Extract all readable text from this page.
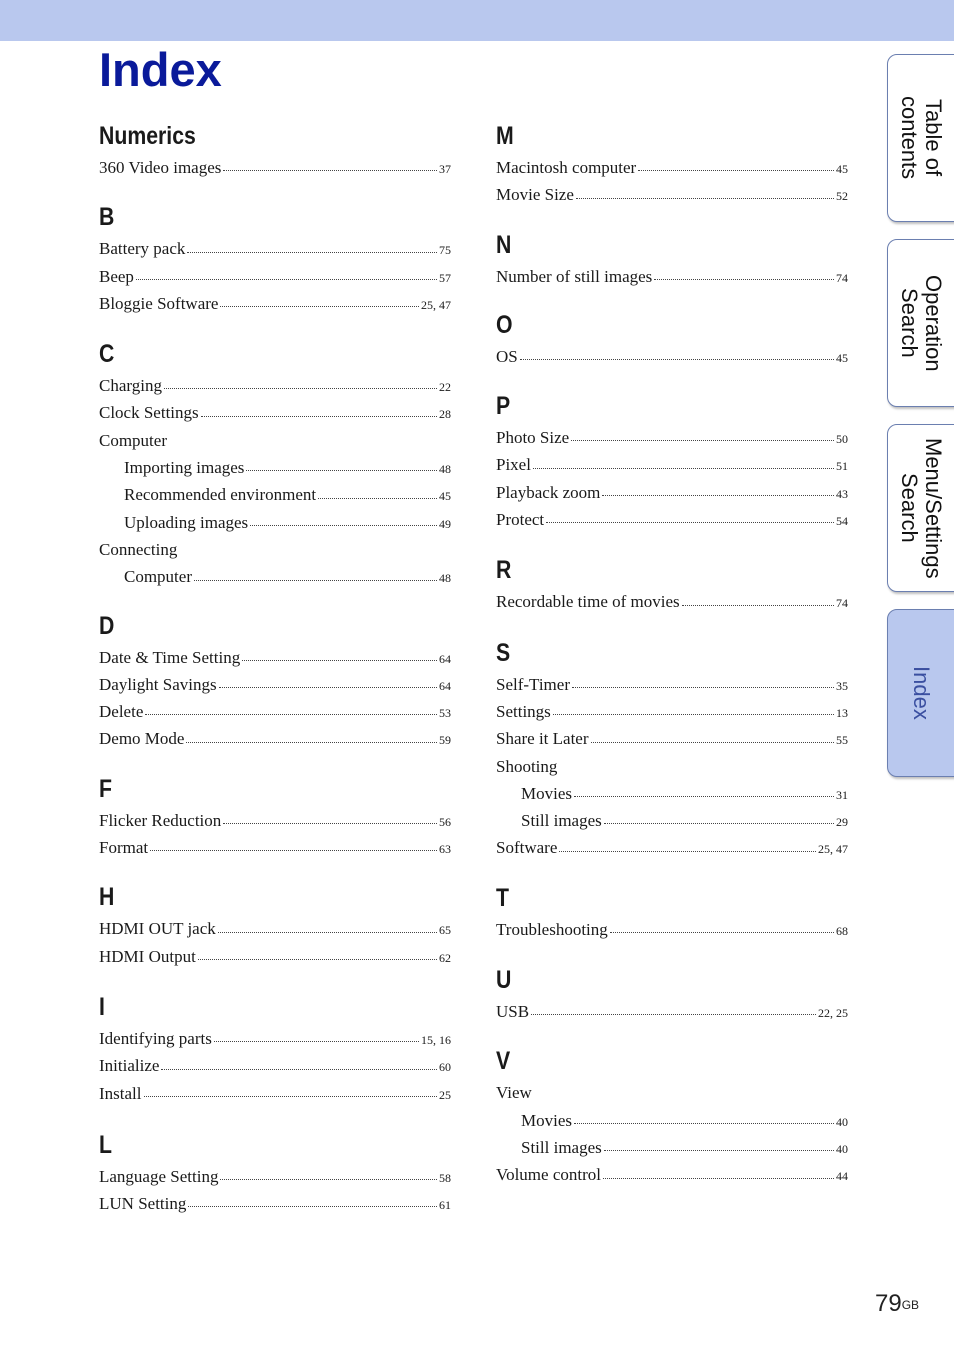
Index
Numerics
360 Video images	37
B
Battery pack	75
Beep	57
Bloggie Software	25, 47
C
Charging	22
Clock Settings	28
Computer
Importing images	48
Recommended environment	45
Uploading images	49
Connecting
Computer	48
D
Date & Time Setting	64
Daylight Savings	64
Delete	53
Demo Mode	59
F
Flicker Reduction	56
Format	63
H
HDMI OUT jack	65
HDMI Output	62
I
Identifying parts	15, 16
Initialize	60
Install	25
L
Language Setting	58
LUN Setting	61
M
Macintosh computer	45
Movie Size	52
N
Number of still images	74
O
OS	45
P
Photo Size	50
Pixel	51
Playback zoom	43
Protect	54
R
Recordable time of movies	74
S
Self-Timer	35
Settings	13
Share it Later	55
Shooting
Movies	31
Still images	29
Software	25, 47
T
Troubleshooting	68
U
USB	22, 25
V
View
Movies	40
Still images	40
Volume control	44
Table of
contents
Operation
Search
Menu/Settings
Search
Index
$79^{GB}$
